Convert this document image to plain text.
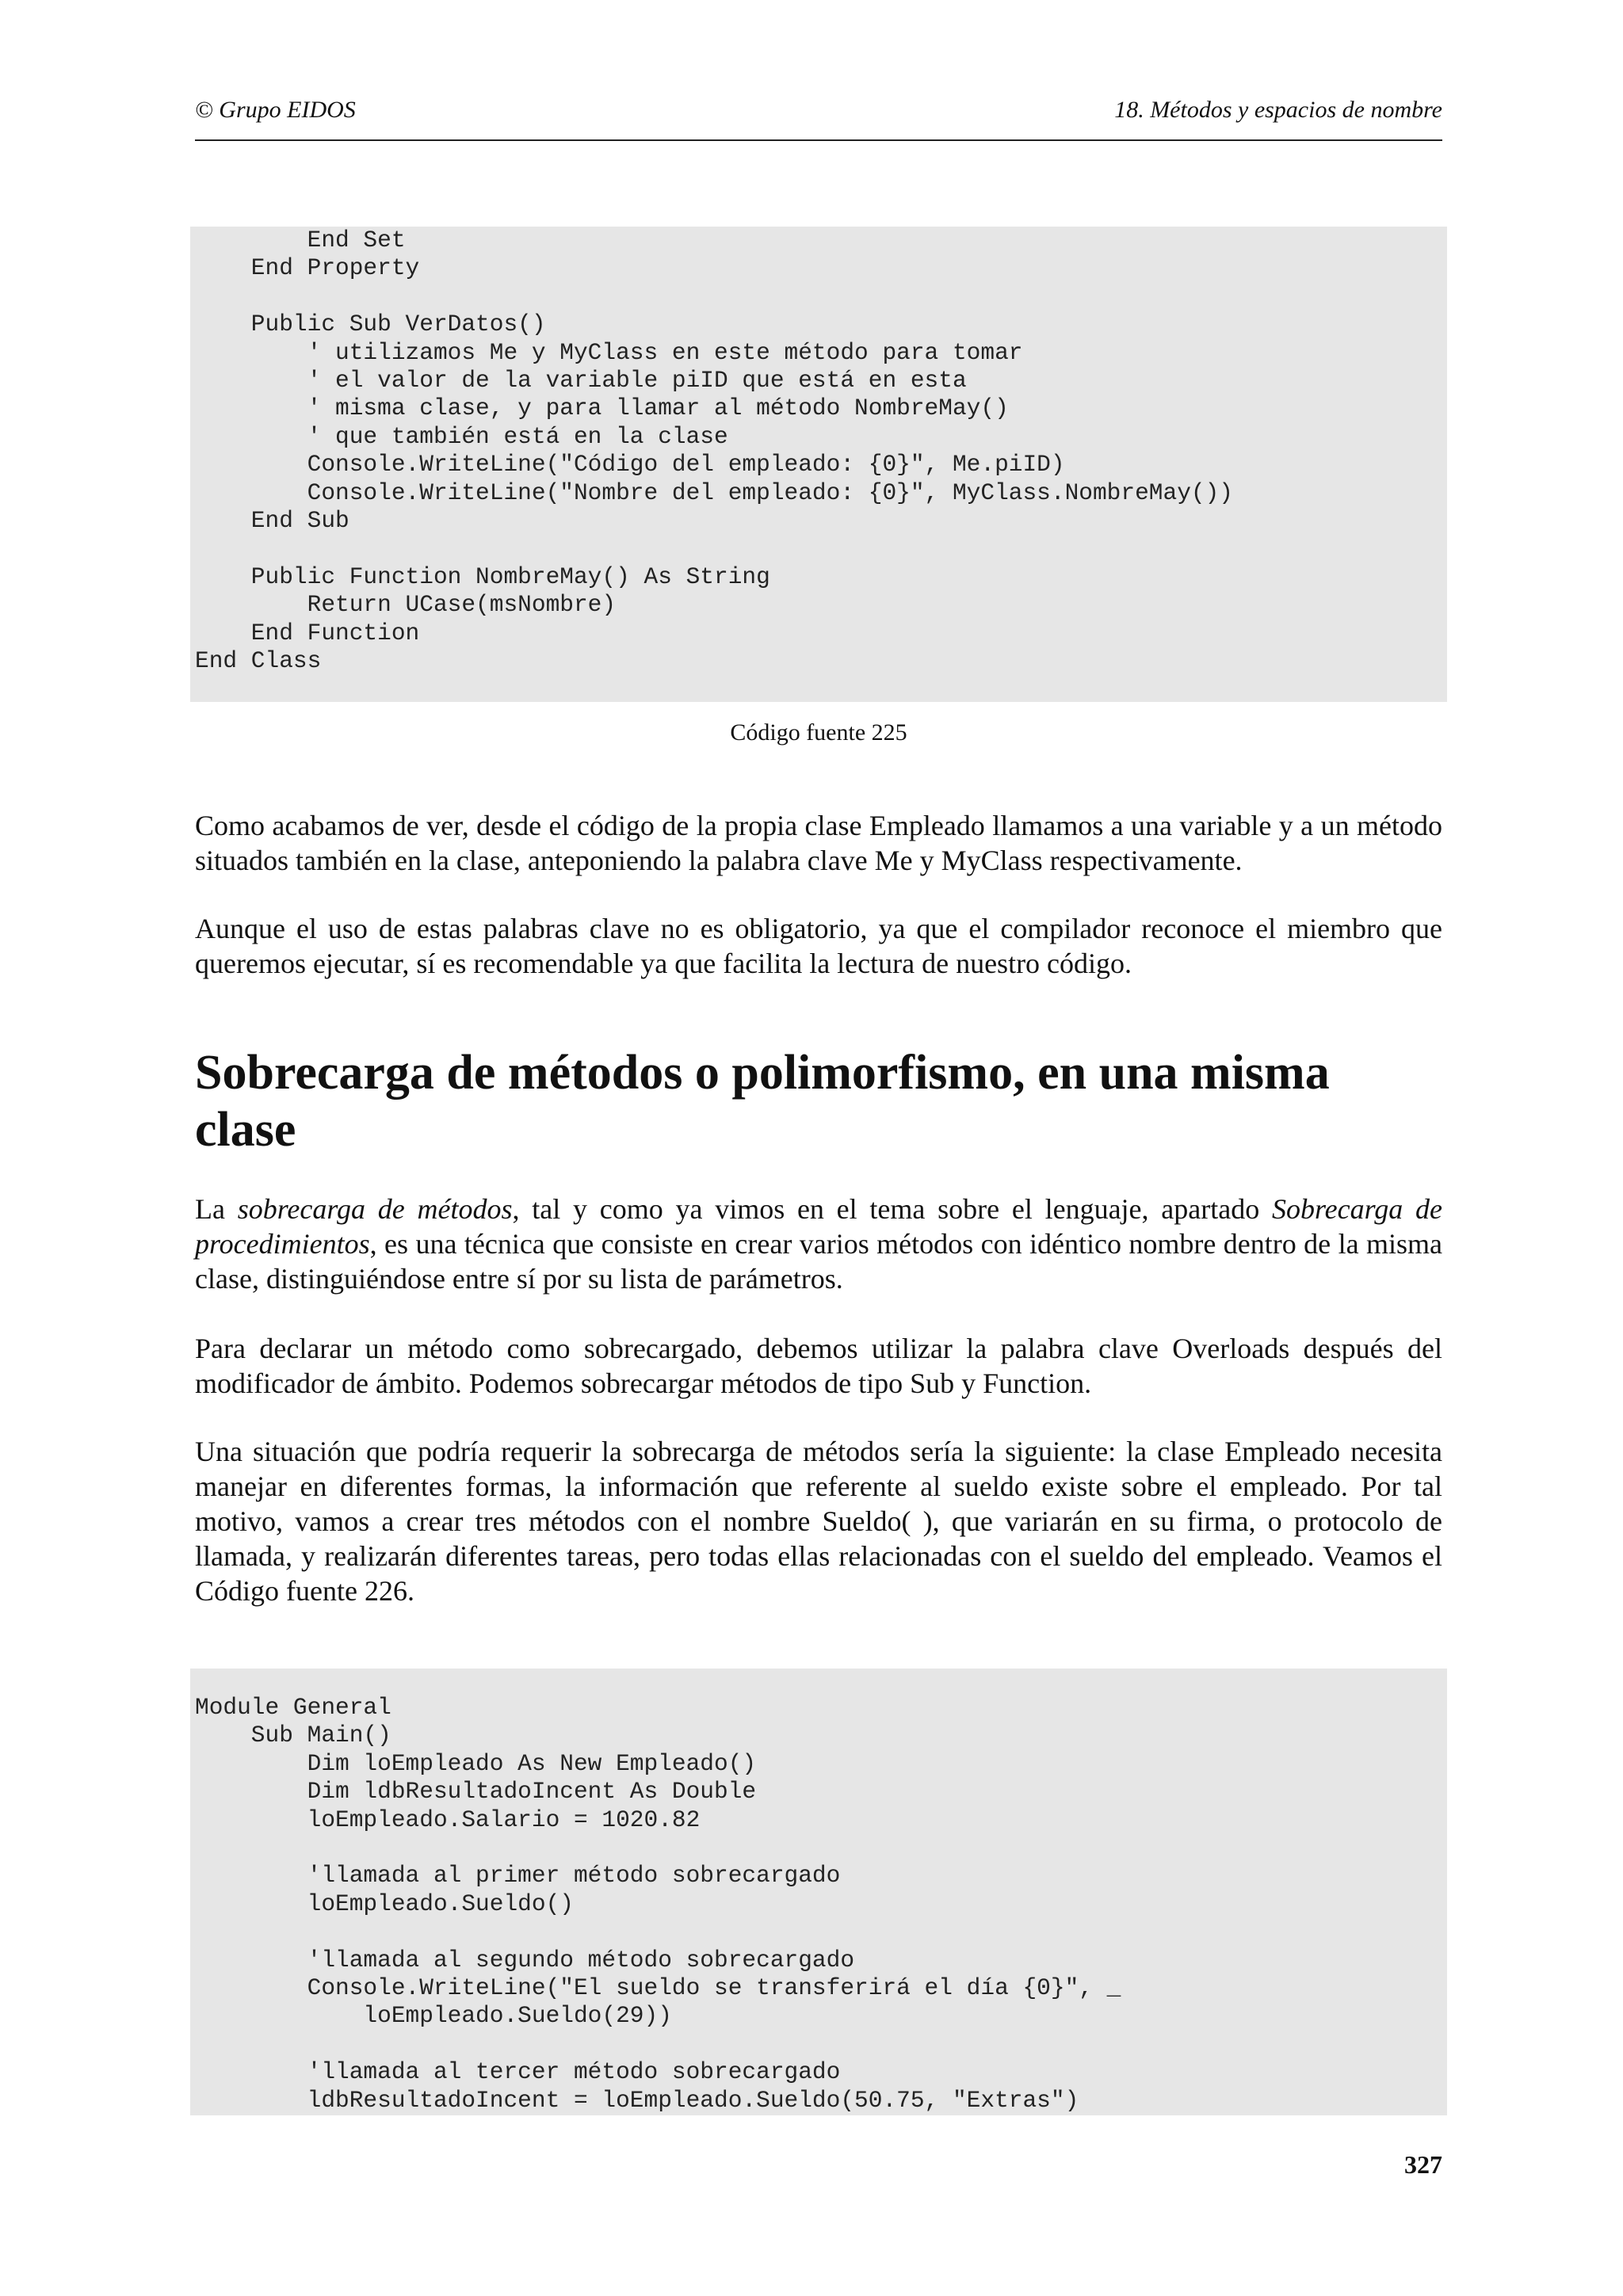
© Grupo EIDOS	18. Métodos y espacios de nombre
End Set
End Property

Public Sub VerDatos()
' utilizamos Me y MyClass en este método para tomar
' el valor de la variable piID que está en esta
' misma clase, y para llamar al método NombreMay()
' que también está en la clase
Console.WriteLine("Código del empleado: {0}", Me.piID)
Console.WriteLine("Nombre del empleado: {0}", MyClass.NombreMay())
End Sub

Public Function NombreMay() As String
Return UCase(msNombre)
End Function
End Class
Código fuente 225

Como acabamos de ver, desde el código de la propia clase Empleado llamamos a una variable y a un método situados también en la clase, anteponiendo la palabra clave Me y MyClass respectivamente.

Aunque el uso de estas palabras clave no es obligatorio, ya que el compilador reconoce el miembro que queremos ejecutar, sí es recomendable ya que facilita la lectura de nuestro código.

Sobrecarga de métodos o polimorfismo, en una misma clase

La sobrecarga de métodos, tal y como ya vimos en el tema sobre el lenguaje, apartado Sobrecarga de procedimientos, es una técnica que consiste en crear varios métodos con idéntico nombre dentro de la misma clase, distinguiéndose entre sí por su lista de parámetros.

Para declarar un método como sobrecargado, debemos utilizar la palabra clave Overloads después del modificador de ámbito. Podemos sobrecargar métodos de tipo Sub y Function.

Una situación que podría requerir la sobrecarga de métodos sería la siguiente: la clase Empleado necesita manejar en diferentes formas, la información que referente al sueldo existe sobre el empleado. Por tal motivo, vamos a crear tres métodos con el nombre Sueldo( ), que variarán en su firma, o protocolo de llamada, y realizarán diferentes tareas, pero todas ellas relacionadas con el sueldo del empleado. Veamos el Código fuente 226.

Module General
Sub Main()
Dim loEmpleado As New Empleado()
Dim ldbResultadoIncent As Double
loEmpleado.Salario = 1020.82

'llamada al primer método sobrecargado
loEmpleado.Sueldo()

'llamada al segundo método sobrecargado
Console.WriteLine("El sueldo se transferirá el día {0}", _
loEmpleado.Sueldo(29))

'llamada al tercer método sobrecargado
ldbResultadoIncent = loEmpleado.Sueldo(50.75, "Extras")
327
